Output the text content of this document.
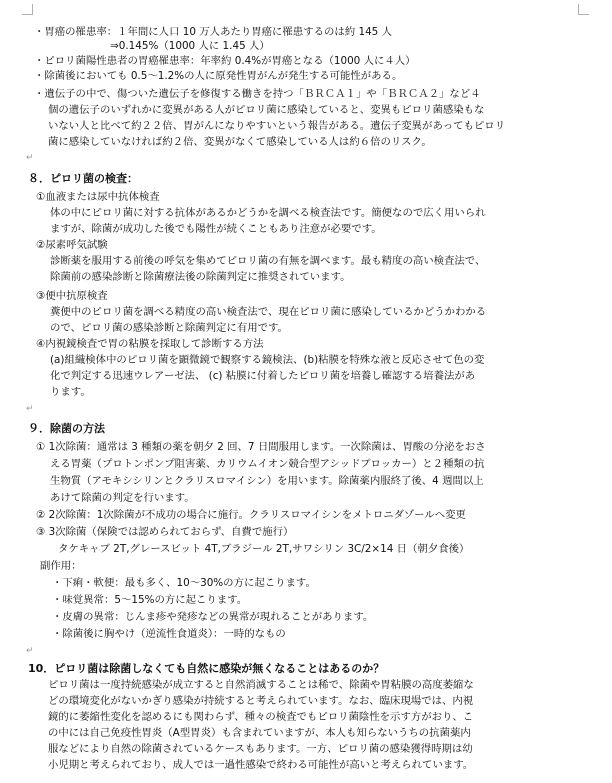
・胃癌の罹患率：１年間に人口 10 万人あたり胃癌に罹患するのは約 145 人
⇒0.145%（1000 人に 1.45 人）
・ピロリ菌陽性患者の胃癌罹患率：年率約 0.4%が胃癌となる（1000 人に４人）
・除菌後においても 0.5～1.2%の人に原発性胃がんが発生する可能性がある。
・遺伝子の中で、傷ついた遺伝子を修復する働きを持つ「ＢＲＣＡ１」や「ＢＲＣＡ２」など４
個の遺伝子のいずれかに変異がある人がピロリ菌に感染していると、変異もピロリ菌感染もな
いない人と比べて約２２倍、胃がんになりやすいという報告がある。遺伝子変異があってもピロリ
菌に感染していなければ約２倍、変異がなくて感染している人は約６倍のリスク。
↵
８．ピロリ菌の検査：
①血液または尿中抗体検査
体の中にピロリ菌に対する抗体があるかどうかを調べる検査法です。簡便なので広く用いられ
ますが、除菌が成功した後でも陽性が続くこともあり注意が必要です。
②尿素呼気試験
診断薬を服用する前後の呼気を集めてピロリ菌の有無を調べます。最も精度の高い検査法で、
除菌前の感染診断と除菌療法後の除菌判定に推奨されています。
③便中抗原検査
糞便中のピロリ菌を調べる精度の高い検査法で、現在ピロリ菌に感染しているかどうかわかる
ので、ピロリ菌の感染診断と除菌判定に有用です。
④内視鏡検査で胃の粘膜を採取して診断する方法
(a)組織検体中のピロリ菌を顕微鏡で観察する鏡検法、(b)粘膜を特殊な液と反応させて色の変
化で判定する迅速ウレアーゼ法、 (c) 粘膜に付着したピロリ菌を培養し確認する培養法があ
ります。
↵
９．除菌の方法
① 1次除菌：通常は 3 種類の薬を朝夕 2 回、7 日間服用します。一次除菌は、胃酸の分泌をおさ
える胃薬（プロトンポンプ阻害薬、カリウムイオン競合型アシッドブロッカー）と２種類の抗
生物質（アモキシシリンとクラリスロマイシン）を用います。除菌薬内服終了後、4 週間以上
あけて除菌の判定を行います。
② 2次除菌：1次除菌が不成功の場合に施行。クラリスロマイシンをメトロニダゾールへ変更
③ 3次除菌（保険では認められておらず、自費で施行）
タケキャブ 2T,グレースビット 4T,ブラジール 2T,サワシリン 3C/2×14 日（朝夕食後）
副作用：
・下痢・軟便：最も多く、10～30%の方に起こります。
・味覚異常：5～15%の方に起こります。
・皮膚の異常：じんま疹や発疹などの異常が現れることがあります。
・除菌後に胸やけ（逆流性食道炎）：一時的なもの
↵
10．ピロリ菌は除菌しなくても自然に感染が無くなることはあるのか？
ピロリ菌は一度持続感染が成立すると自然消滅することは稀で、除菌や胃粘膜の高度萎縮な
どの環境変化がないかぎり感染が持続すると考えられています。なお、臨床現場では、内視
鏡的に萎縮性変化を認めるにも関わらず、種々の検査でもピロリ菌陰性を示す方がおり、こ
の中には自己免疫性胃炎（A型胃炎）も含まれていますが、本人も知らないうちの抗菌薬内
服などにより自然の除菌されているケースもあります。一方、ピロリ菌の感染獲得時期は幼
小児期と考えられており、成人では一過性感染で終わる可能性が高いと考えられています。
